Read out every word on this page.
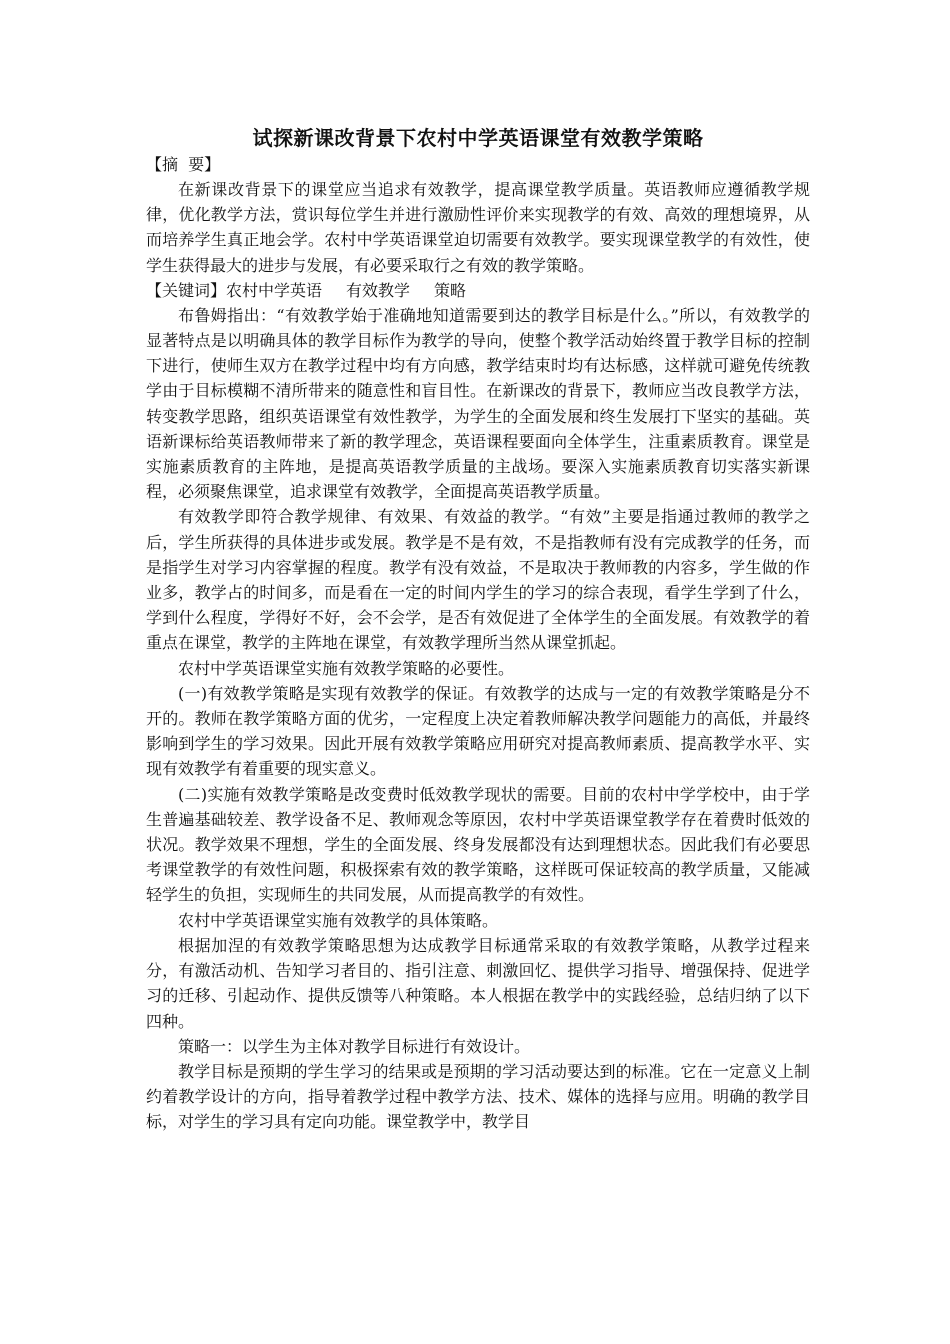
试探新课改背景下农村中学英语课堂有效教学策略
【摘  要】

在新课改背景下的课堂应当追求有效教学，提高课堂教学质量。英语教师应遵循教学规律，优化教学方法，赏识每位学生并进行激励性评价来实现教学的有效、高效的理想境界，从而培养学生真正地会学。农村中学英语课堂迫切需要有效教学。要实现课堂教学的有效性，使学生获得最大的进步与发展，有必要采取行之有效的教学策略。

【关键词】农村中学英语 有效教学 策略

布鲁姆指出：“有效教学始于准确地知道需要到达的教学目标是什么。”所以，有效教学的显著特点是以明确具体的教学目标作为教学的导向，使整个教学活动始终置于教学目标的控制下进行，使师生双方在教学过程中均有方向感，教学结束时均有达标感，这样就可避免传统教学由于目标模糊不清所带来的随意性和盲目性。在新课改的背景下，教师应当改良教学方法，转变教学思路，组织英语课堂有效性教学，为学生的全面发展和终生发展打下坚实的基础。英语新课标给英语教师带来了新的教学理念，英语课程要面向全体学生，注重素质教育。课堂是实施素质教育的主阵地，是提高英语教学质量的主战场。要深入实施素质教育切实落实新课程，必须聚焦课堂，追求课堂有效教学，全面提高英语教学质量。

有效教学即符合教学规律、有效果、有效益的教学。“有效”主要是指通过教师的教学之后，学生所获得的具体进步或发展。教学是不是有效，不是指教师有没有完成教学的任务，而是指学生对学习内容掌握的程度。教学有没有效益，不是取决于教师教的内容多，学生做的作业多，教学占的时间多，而是看在一定的时间内学生的学习的综合表现，看学生学到了什么，学到什么程度，学得好不好，会不会学，是否有效促进了全体学生的全面发展。有效教学的着重点在课堂，教学的主阵地在课堂，有效教学理所当然从课堂抓起。

农村中学英语课堂实施有效教学策略的必要性。

(一)有效教学策略是实现有效教学的保证。有效教学的达成与一定的有效教学策略是分不开的。教师在教学策略方面的优劣，一定程度上决定着教师解决教学问题能力的高低，并最终影响到学生的学习效果。因此开展有效教学策略应用研究对提高教师素质、提高教学水平、实现有效教学有着重要的现实意义。

(二)实施有效教学策略是改变费时低效教学现状的需要。目前的农村中学学校中，由于学生普遍基础较差、教学设备不足、教师观念等原因，农村中学英语课堂教学存在着费时低效的状况。教学效果不理想，学生的全面发展、终身发展都没有达到理想状态。因此我们有必要思考课堂教学的有效性问题，积极探索有效的教学策略，这样既可保证较高的教学质量，又能减轻学生的负担，实现师生的共同发展，从而提高教学的有效性。

农村中学英语课堂实施有效教学的具体策略。

根据加涅的有效教学策略思想为达成教学目标通常采取的有效教学策略，从教学过程来分，有激活动机、告知学习者目的、指引注意、刺激回忆、提供学习指导、增强保持、促进学习的迁移、引起动作、提供反馈等八种策略。本人根据在教学中的实践经验，总结归纳了以下四种。

策略一：以学生为主体对教学目标进行有效设计。

教学目标是预期的学生学习的结果或是预期的学习活动要达到的标准。它在一定意义上制约着教学设计的方向，指导着教学过程中教学方法、技术、媒体的选择与应用。明确的教学目标，对学生的学习具有定向功能。课堂教学中，教学目
